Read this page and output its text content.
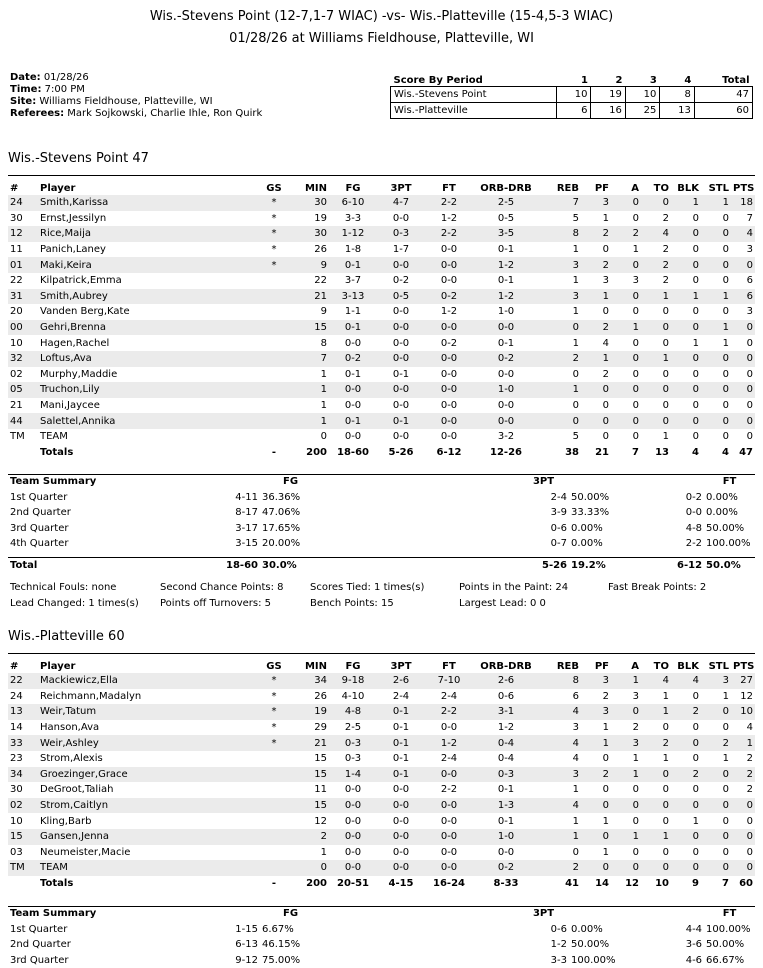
Wis.-Stevens Point (12-7,1-7 WIAC) -vs- Wis.-Platteville (15-4,5-3 WIAC)
01/28/26 at Williams Fieldhouse, Platteville, WI
Date: 01/28/26
Time: 7:00 PM
Site: Williams Fieldhouse, Platteville, WI
Referees: Mark Sojkowski, Charlie Ihle, Ron Quirk
Score By Period	1	2	3	4	Total
Wis.-Stevens Point	10	19	10	8	47
Wis.-Platteville	6	16	25	13	60
Wis.-Stevens Point 47
#	Player	GS	MIN	FG	3PT	FT	ORB-DRB	REB	PF	A	TO	BLK	STL	PTS
24	Smith,Karissa	*	30	6-10	4-7	2-2	2-5	7	3	0	0	1	1	18
30	Ernst,Jessilyn	*	19	3-3	0-0	1-2	0-5	5	1	0	2	0	0	7
12	Rice,Maija	*	30	1-12	0-3	2-2	3-5	8	2	2	4	0	0	4
11	Panich,Laney	*	26	1-8	1-7	0-0	0-1	1	0	1	2	0	0	3
01	Maki,Keira	*	9	0-1	0-0	0-0	1-2	3	2	0	2	0	0	0
22	Kilpatrick,Emma		22	3-7	0-2	0-0	0-1	1	3	3	2	0	0	6
31	Smith,Aubrey		21	3-13	0-5	0-2	1-2	3	1	0	1	1	1	6
20	Vanden Berg,Kate		9	1-1	0-0	1-2	1-0	1	0	0	0	0	0	3
00	Gehri,Brenna		15	0-1	0-0	0-0	0-0	0	2	1	0	0	1	0
10	Hagen,Rachel		8	0-0	0-0	0-2	0-1	1	4	0	0	1	1	0
32	Loftus,Ava		7	0-2	0-0	0-0	0-2	2	1	0	1	0	0	0
02	Murphy,Maddie		1	0-1	0-1	0-0	0-0	0	2	0	0	0	0	0
05	Truchon,Lily		1	0-0	0-0	0-0	1-0	1	0	0	0	0	0	0
21	Mani,Jaycee		1	0-0	0-0	0-0	0-0	0	0	0	0	0	0	0
44	Salettel,Annika		1	0-1	0-1	0-0	0-0	0	0	0	0	0	0	0
TM	TEAM		0	0-0	0-0	0-0	3-2	5	0	0	1	0	0	0
	Totals	-	200	18-60	5-26	6-12	12-26	38	21	7	13	4	4	47
Team Summary	FG		3PT			FT
1st Quarter	4-11	36.36%	2-4	50.00%	0-2	0.00%
2nd Quarter	8-17	47.06%	3-9	33.33%	0-0	0.00%
3rd Quarter	3-17	17.65%	0-6	0.00%	4-8	50.00%
4th Quarter	3-15	20.00%	0-7	0.00%	2-2	100.00%

Total	18-60	30.0%	5-26	19.2%	6-12	50.0%
Technical Fouls: none	Second Chance Points: 8	Scores Tied: 1 times(s)	Points in the Paint: 24	Fast Break Points: 2
Lead Changed: 1 times(s) Points off Turnovers: 5	Bench Points: 15	Largest Lead: 0 0
Wis.-Platteville 60
#	Player	GS	MIN	FG	3PT	FT	ORB-DRB	REB	PF	A	TO	BLK	STL	PTS
22	Mackiewicz,Ella	*	34	9-18	2-6	7-10	2-6	8	3	1	4	4	3	27
24	Reichmann,Madalyn	*	26	4-10	2-4	2-4	0-6	6	2	3	1	0	1	12
13	Weir,Tatum	*	19	4-8	0-1	2-2	3-1	4	3	0	1	2	0	10
14	Hanson,Ava	*	29	2-5	0-1	0-0	1-2	3	1	2	0	0	0	4
33	Weir,Ashley	*	21	0-3	0-1	1-2	0-4	4	1	3	2	0	2	1
23	Strom,Alexis		15	0-3	0-1	2-4	0-4	4	0	1	1	0	1	2
34	Groezinger,Grace		15	1-4	0-1	0-0	0-3	3	2	1	0	2	0	2
30	DeGroot,Taliah		11	0-0	0-0	2-2	0-1	1	0	0	0	0	0	2
02	Strom,Caitlyn		15	0-0	0-0	0-0	1-3	4	0	0	0	0	0	0
10	Kling,Barb		12	0-0	0-0	0-0	0-1	1	1	0	0	1	0	0
15	Gansen,Jenna		2	0-0	0-0	0-0	1-0	1	0	1	1	0	0	0
03	Neumeister,Macie		1	0-0	0-0	0-0	0-0	0	1	0	0	0	0	0
TM	TEAM		0	0-0	0-0	0-0	0-2	2	0	0	0	0	0	0
	Totals	-	200	20-51	4-15	16-24	8-33	41	14	12	10	9	7	60
Team Summary	FG		3PT			FT
1st Quarter	1-15	6.67%	0-6	0.00%	4-4	100.00%
2nd Quarter	6-13	46.15%	1-2	50.00%	3-6	50.00%
3rd Quarter	9-12	75.00%	3-3	100.00%	4-6	66.67%
